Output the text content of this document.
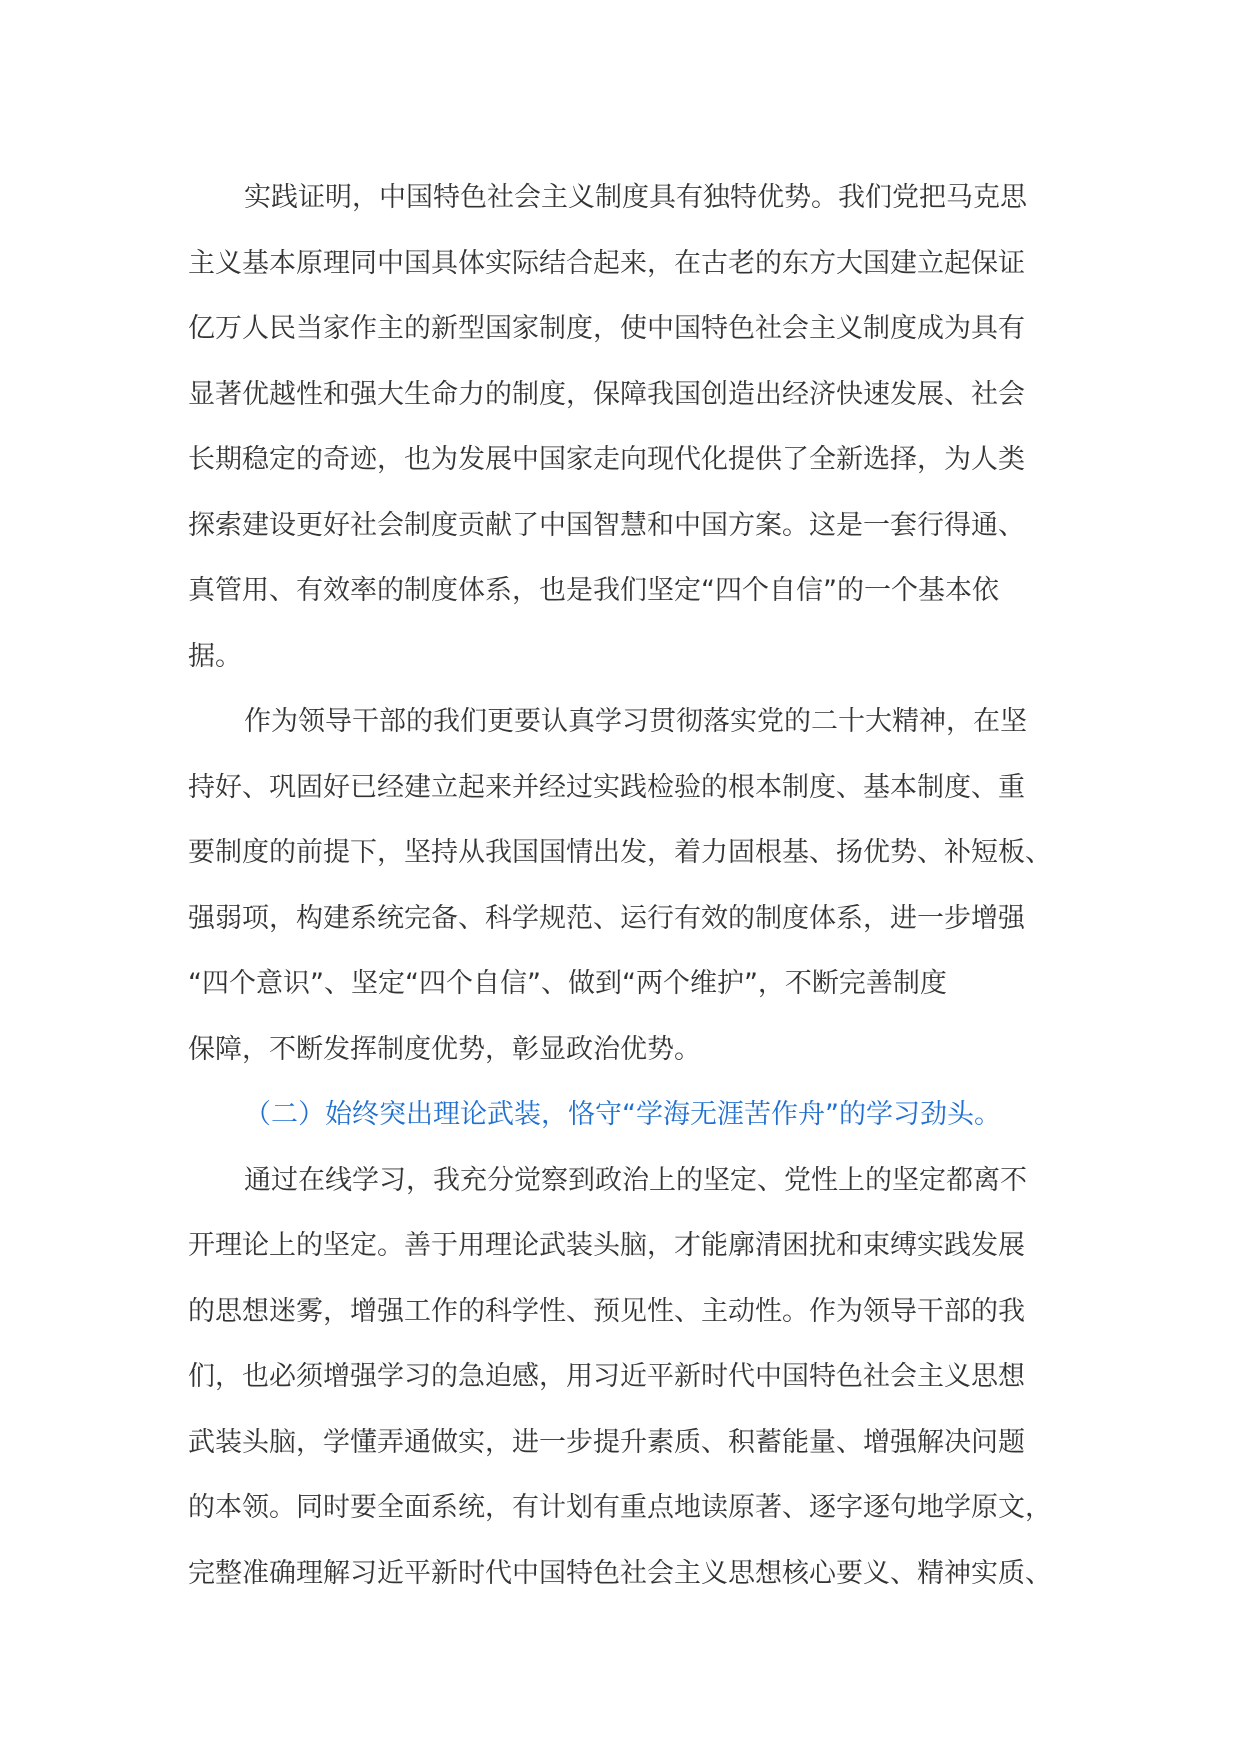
实践证明，中国特色社会主义制度具有独特优势。我们党把马克思
主义基本原理同中国具体实际结合起来，在古老的东方大国建立起保证
亿万人民当家作主的新型国家制度，使中国特色社会主义制度成为具有
显著优越性和强大生命力的制度，保障我国创造出经济快速发展、社会
长期稳定的奇迹，也为发展中国家走向现代化提供了全新选择，为人类
探索建设更好社会制度贡献了中国智慧和中国方案。这是一套行得通、
真管用、有效率的制度体系，也是我们坚定“四个自信”的一个基本依
据。
作为领导干部的我们更要认真学习贯彻落实党的二十大精神，在坚
持好、巩固好已经建立起来并经过实践检验的根本制度、基本制度、重
要制度的前提下，坚持从我国国情出发，着力固根基、扬优势、补短板、
强弱项，构建系统完备、科学规范、运行有效的制度体系，进一步增强
“四个意识”、坚定“四个自信”、做到“两个维护”，不断完善制度
保障，不断发挥制度优势，彰显政治优势。
（二）始终突出理论武装，恪守“学海无涯苦作舟”的学习劲头。
通过在线学习，我充分觉察到政治上的坚定、党性上的坚定都离不
开理论上的坚定。善于用理论武装头脑，才能廓清困扰和束缚实践发展
的思想迷雾，增强工作的科学性、预见性、主动性。作为领导干部的我
们，也必须增强学习的急迫感，用习近平新时代中国特色社会主义思想
武装头脑，学懂弄通做实，进一步提升素质、积蓄能量、增强解决问题
的本领。同时要全面系统，有计划有重点地读原著、逐字逐句地学原文，
完整准确理解习近平新时代中国特色社会主义思想核心要义、精神实质、
